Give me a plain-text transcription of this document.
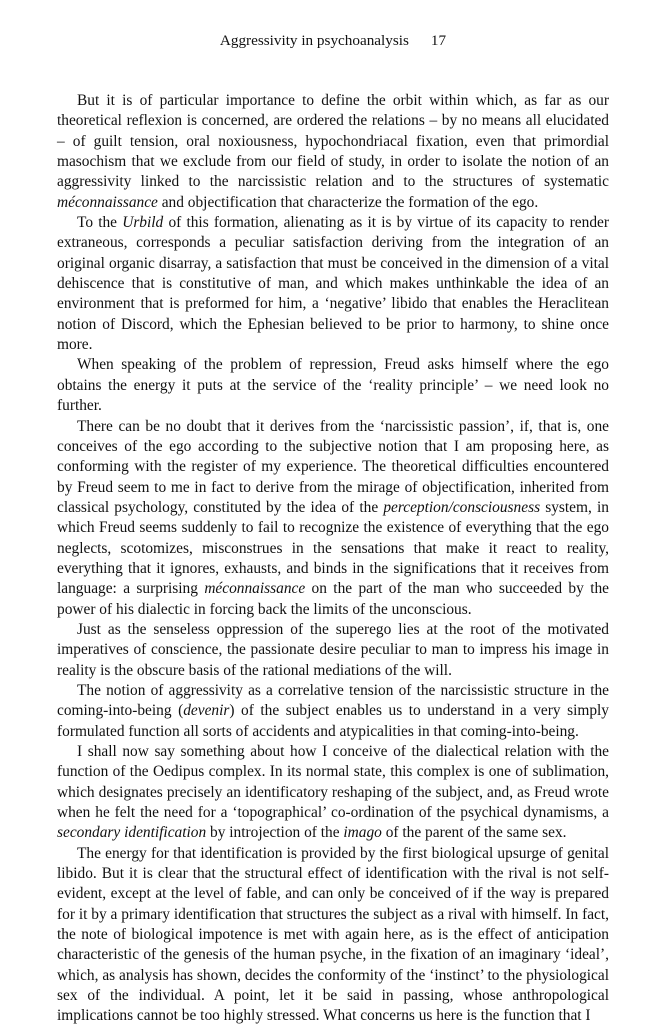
Aggressivity in psychoanalysis 17

But it is of particular importance to define the orbit within which, as far as our theoretical reflexion is concerned, are ordered the relations – by no means all elucidated – of guilt tension, oral noxiousness, hypochondriacal fixation, even that primordial masochism that we exclude from our field of study, in order to isolate the notion of an aggressivity linked to the narcissistic relation and to the structures of systematic méconnaissance and objectification that characterize the formation of the ego.

To the Urbild of this formation, alienating as it is by virtue of its capacity to render extraneous, corresponds a peculiar satisfaction deriving from the integration of an original organic disarray, a satisfaction that must be conceived in the dimension of a vital dehiscence that is constitutive of man, and which makes unthinkable the idea of an environment that is preformed for him, a ‘negative’ libido that enables the Heraclitean notion of Discord, which the Ephesian believed to be prior to harmony, to shine once more.

When speaking of the problem of repression, Freud asks himself where the ego obtains the energy it puts at the service of the ‘reality principle’ – we need look no further.

There can be no doubt that it derives from the ‘narcissistic passion’, if, that is, one conceives of the ego according to the subjective notion that I am proposing here, as conforming with the register of my experience. The theoretical difficulties encountered by Freud seem to me in fact to derive from the mirage of objectification, inherited from classical psychology, constituted by the idea of the perception/consciousness system, in which Freud seems suddenly to fail to recognize the existence of everything that the ego neglects, scotomizes, misconstrues in the sensations that make it react to reality, everything that it ignores, exhausts, and binds in the significations that it receives from language: a surprising méconnaissance on the part of the man who succeeded by the power of his dialectic in forcing back the limits of the unconscious.

Just as the senseless oppression of the superego lies at the root of the motivated imperatives of conscience, the passionate desire peculiar to man to impress his image in reality is the obscure basis of the rational mediations of the will.

The notion of aggressivity as a correlative tension of the narcissistic structure in the coming-into-being (devenir) of the subject enables us to understand in a very simply formulated function all sorts of accidents and atypicalities in that coming-into-being.

I shall now say something about how I conceive of the dialectical relation with the function of the Oedipus complex. In its normal state, this complex is one of sublimation, which designates precisely an identificatory reshaping of the subject, and, as Freud wrote when he felt the need for a ‘topographical’ co-ordination of the psychical dynamisms, a secondary identification by introjection of the imago of the parent of the same sex.

The energy for that identification is provided by the first biological upsurge of genital libido. But it is clear that the structural effect of identification with the rival is not self-evident, except at the level of fable, and can only be conceived of if the way is prepared for it by a primary identification that structures the subject as a rival with himself. In fact, the note of biological impotence is met with again here, as is the effect of anticipation characteristic of the genesis of the human psyche, in the fixation of an imaginary ‘ideal’, which, as analysis has shown, decides the conformity of the ‘instinct’ to the physiological sex of the individual. A point, let it be said in passing, whose anthropological implications cannot be too highly stressed. What concerns us here is the function that I
